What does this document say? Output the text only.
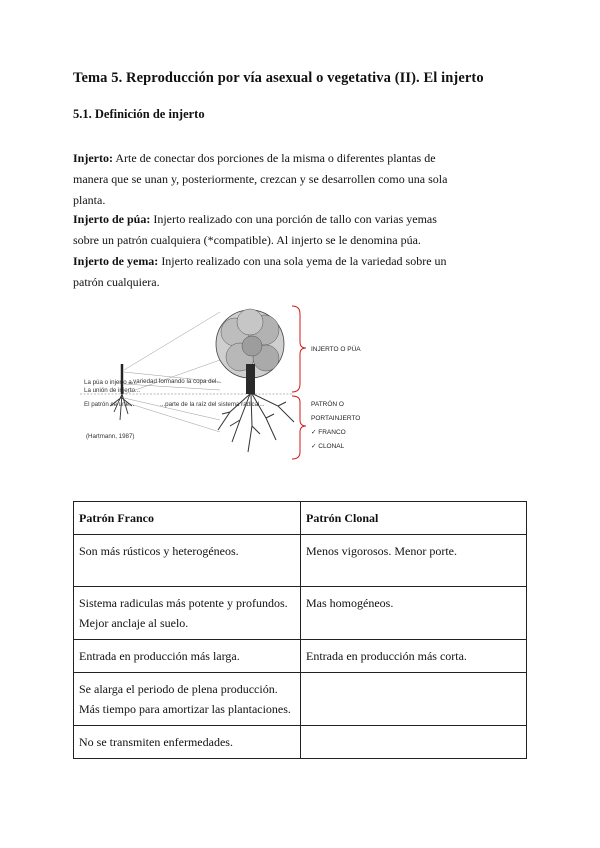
Tema 5. Reproducción por vía asexual o vegetativa (II). El injerto
5.1. Definición de injerto

Injerto: Arte de conectar dos porciones de la misma o diferentes plantas de manera que se unan y, posteriormente, crezcan y se desarrollen como una sola planta.

Injerto de púa: Injerto realizado con una porción de tallo con varias yemas sobre un patrón cualquiera (*compatible). Al injerto se le denomina púa.

Injerto de yema: Injerto realizado con una sola yema de la variedad sobre un patrón cualquiera.

La púa o injerto a...
La unión de injerto...
El patrón se une...
...variedad formando la copa del...
...parte de la raíz del sistema radical...
(Hartmann, 1987)
INJERTO O PÚA
PATRÓN O
PORTAINJERTO
✓ FRANCO
✓ CLONAL
Patrón Franco	Patrón Clonal

Son más rústicos y heterogéneos.	Menos vigorosos. Menor porte.

Sistema radiculas más potente y profundos.
Mejor anclaje al suelo.	Mas homogéneos.

Entrada en producción más larga.	Entrada en producción más corta.

Se alarga el periodo de plena producción.
Más tiempo para amortizar las plantaciones.	

No se transmiten enfermedades.	
